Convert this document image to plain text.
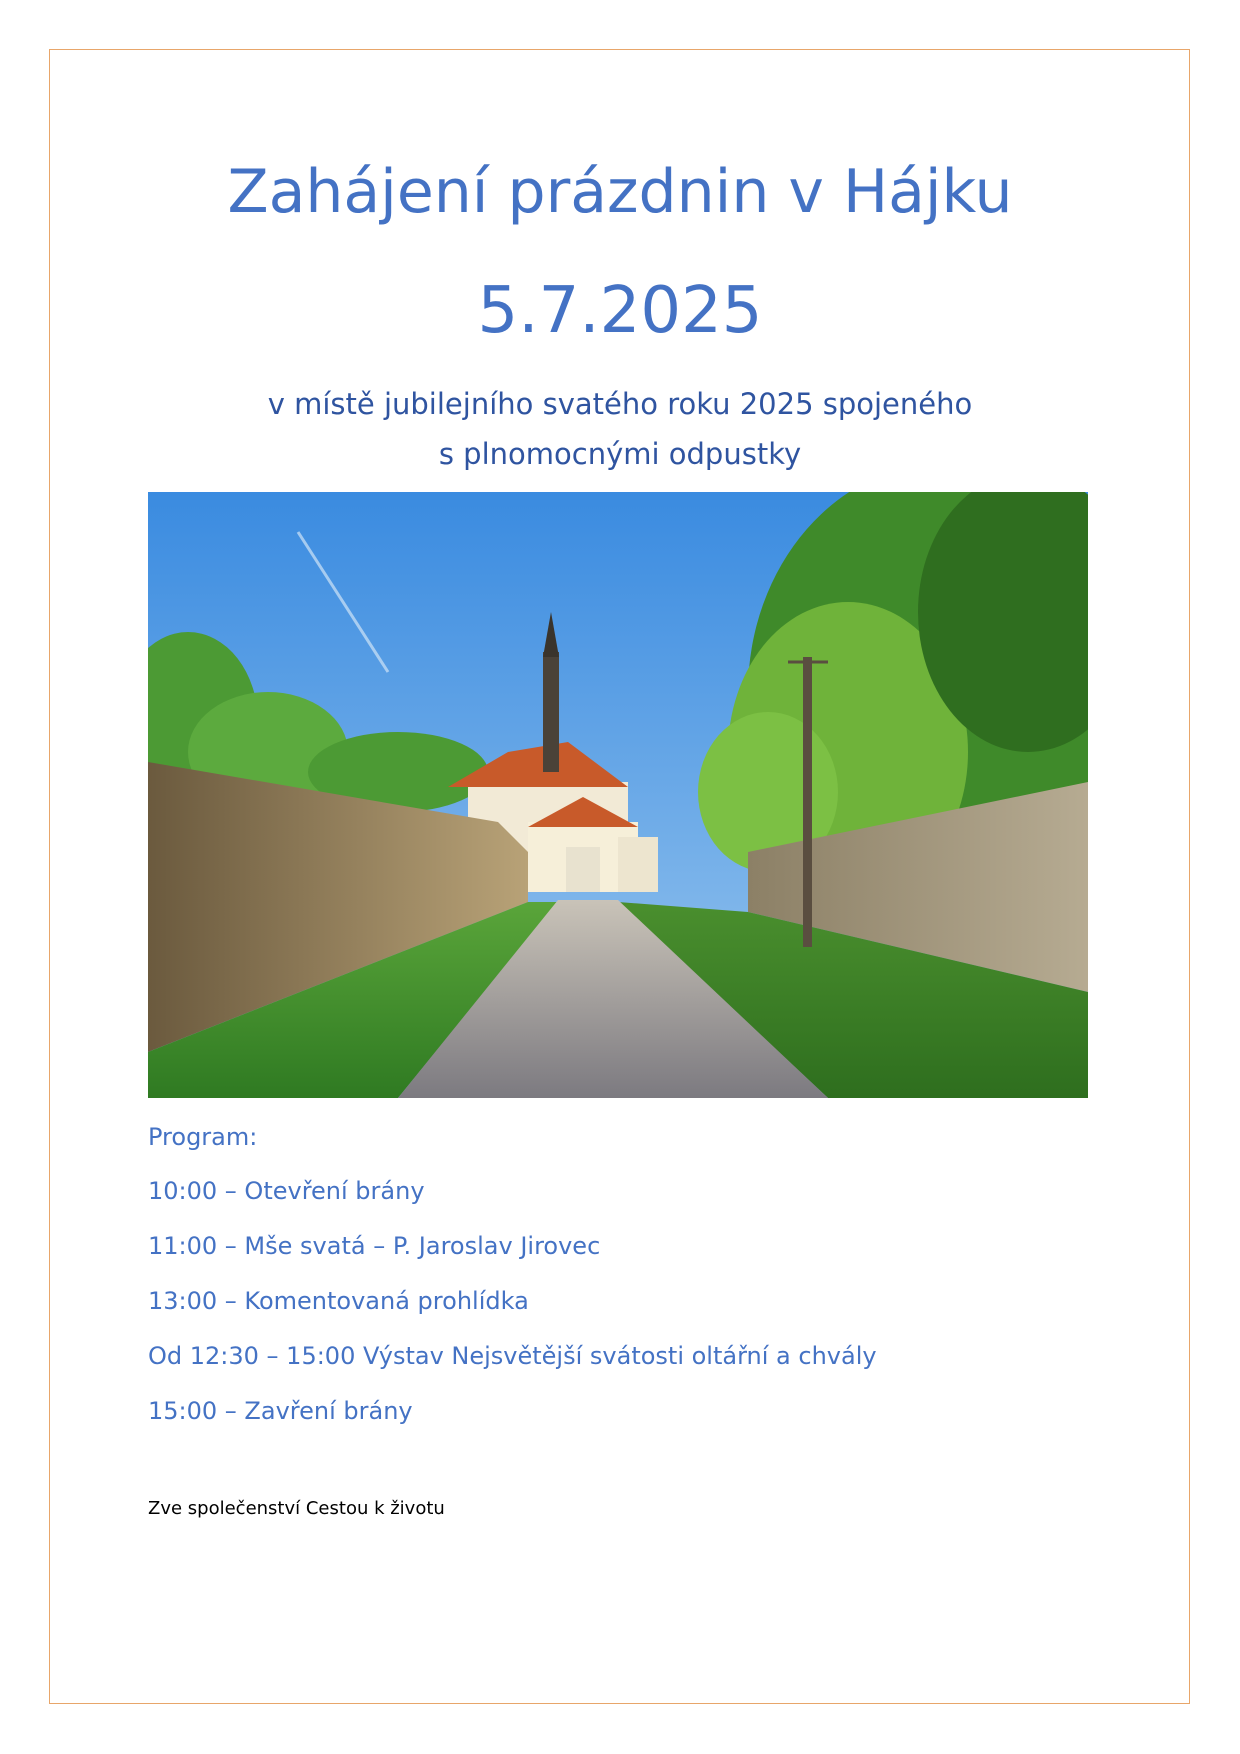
Zahájení prázdnin v Hájku
5.7.2025
v místě jubilejního svatého roku 2025 spojeného
s plnomocnými odpustky
Program:
10:00 – Otevření brány
11:00 – Mše svatá – P. Jaroslav Jirovec
13:00 – Komentovaná prohlídka
Od 12:30 – 15:00 Výstav Nejsvětější svátosti oltářní a chvály
15:00 – Zavření brány
Zve společenství Cestou k životu
